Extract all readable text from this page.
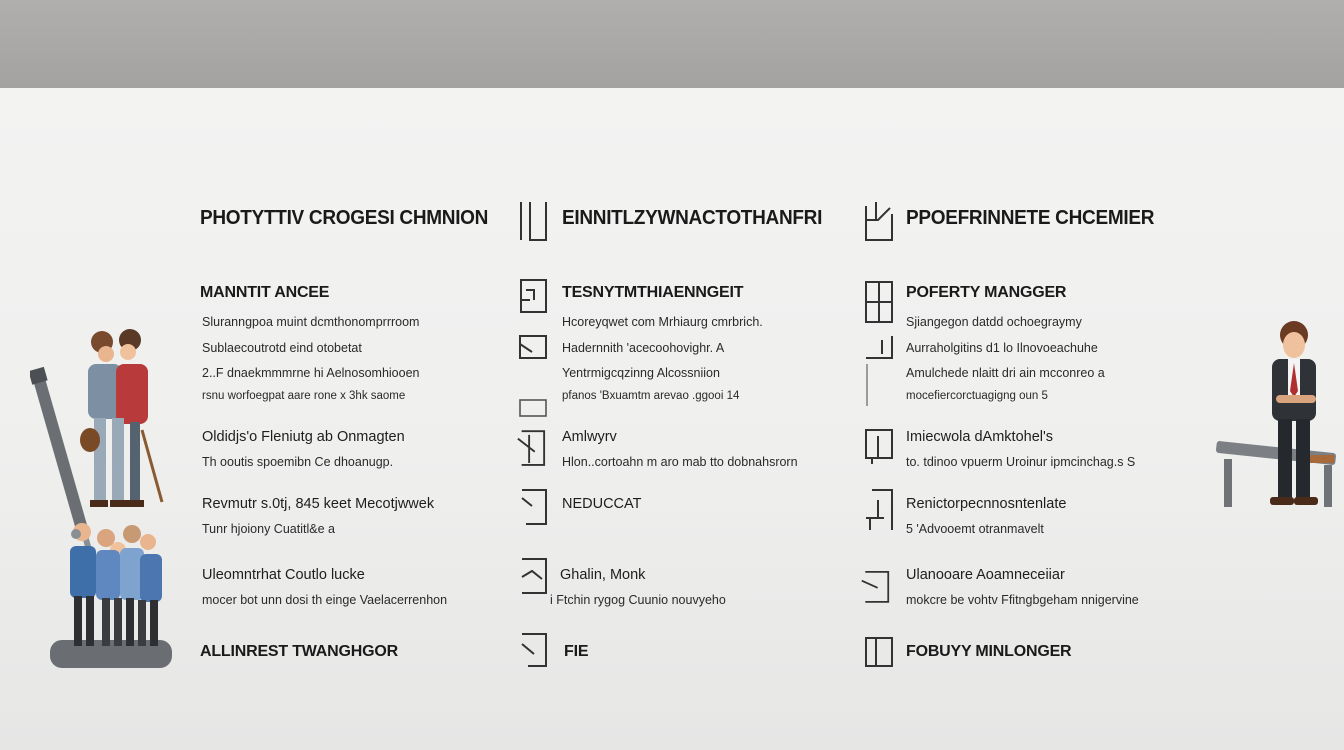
PHOTYTTIV CROGESI CHMNION
MANNTIT ANCEE
Sluranngpoa muint dcmthonomprrroom
Sublaecoutrotd eind otobetat
2..F dnaekmmmrne hi Aelnosomhiooen
rsnu worfoegpat aare rone x 3hk saome
Oldidjs'o Fleniutg ab Onmagten
Th ooutis spoemibn Ce dhoanugp.
Revmutr s.0tj, 845 keet Mecotjwwek
Tunr hjoiony Cuatitl&e a
Uleomntrhat Coutlo lucke
mocer bot unn dosi th einge Vaelacerrenhon
ALLINREST TWANGHGOR
EINNITLZYWNACTOTHANFRI
TESNYTMTHIAENNGEIT
Hcoreyqwet com Mrhiaurg cmrbrich.
Hadernnith 'acecoohovighr. A
Yentrmigcqzinng Alcossniion
pfanos 'Bxuamtm arevao .ggooi 14
Amlwyrv
Hlon..cortoahn m aro mab tto dobnahsrorn
NEDUCCAT
Ghalin, Monk
i Ftchin rygog Cuunio nouvyeho
FIE
PPOEFRINNETE CHCEMIER
POFERTY MANGGER
Sjiangegon datdd ochoegraymy
Aurraholgitins d1 lo Ilnovoeachuhe
Amulchede nlaitt dri ain mcconreo a
mocefiercorctuagigng oun 5
Imiecwola dAmktohel's
to. tdinoo vpuerm Uroinur ipmcinchag.s S
Renictorpecnnosntenlate
5 'Advooemt otranmavelt
Ulanooare Aoamneceiiar
mokcre be vohtv Ffitngbgeham nnigervine
FOBUYY MINLONGER
